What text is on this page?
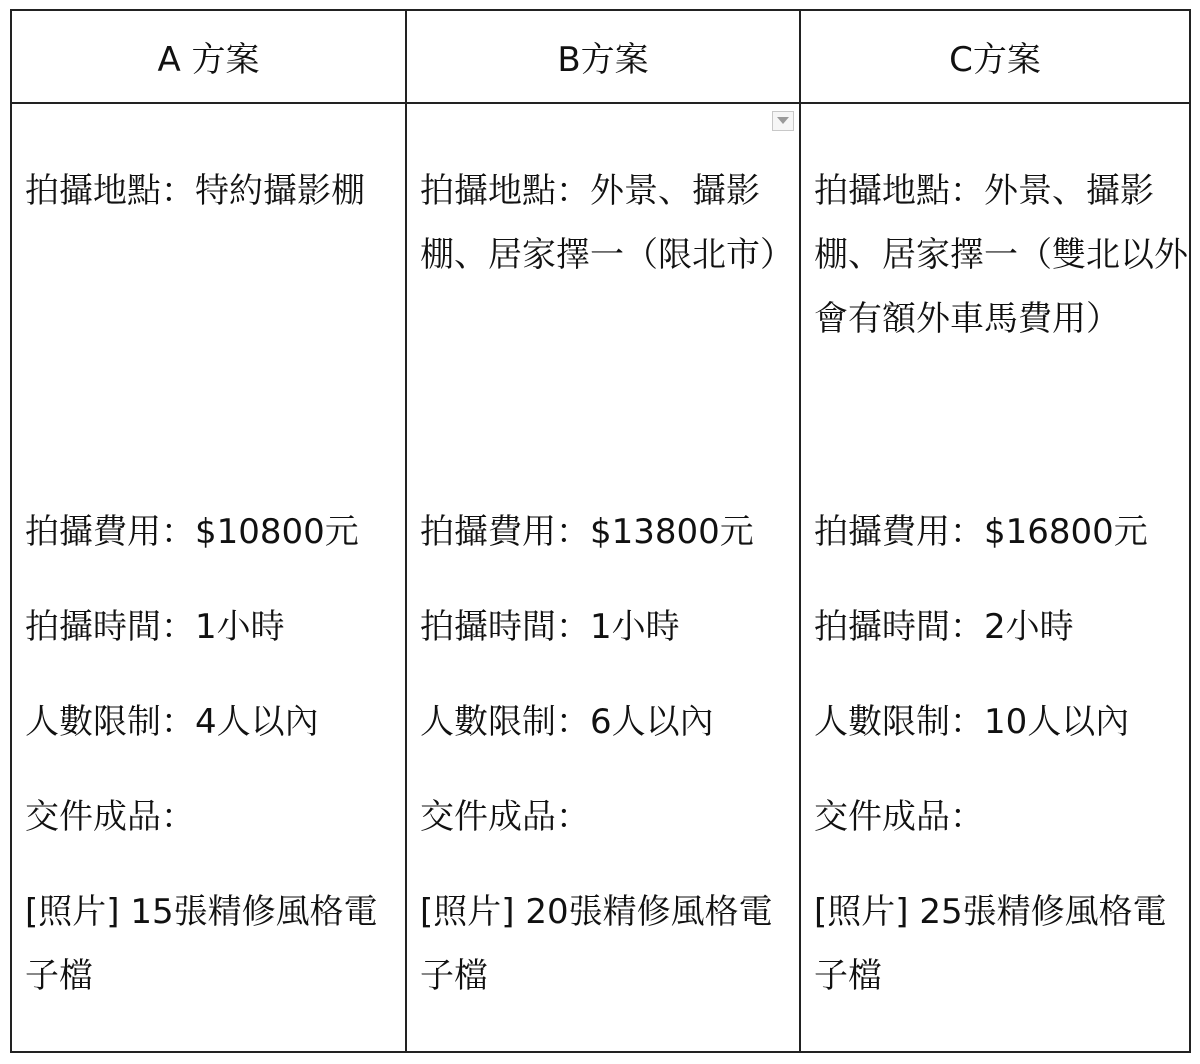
A 方案	B方案	C方案

拍攝地點：特約攝影棚

拍攝費用：$10800元

拍攝時間：1小時

人數限制：4人以內

交件成品：

[照片] 15張精修風格電子檔

拍攝地點：外景、攝影棚、居家擇一（限北市）

拍攝費用：$13800元

拍攝時間：1小時

人數限制：6人以內

交件成品：

[照片] 20張精修風格電子檔

拍攝地點：外景、攝影棚、居家擇一（雙北以外會有額外車馬費用）

拍攝費用：$16800元

拍攝時間：2小時

人數限制：10人以內

交件成品：

[照片] 25張精修風格電子檔
